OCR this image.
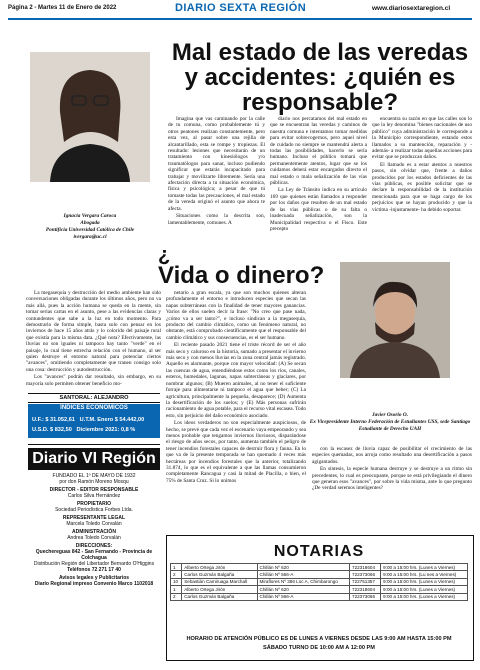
Página 2 - Martes 11 de Enero de 2022	DIARIO SEXTA REGIÓN	www.diariosextaregion.cl
Ignacia Vergara Caroca
Abogada
Pontificia Universidad Católica de Chile
ivergara@uc.cl
Mal estado de las veredas y accidentes: ¿quién es responsable?

Imagina que vas caminando por la calle de tu comuna, como probablemente tú y otros peatones realizan constantemente, pero esta vez, al pasar sobre una rejilla de alcantarillado, esta se rompe y tropiezas. El resultado: lesiones que necesitarán de un tratamiento con kinesiólogos y/o traumatólogos para sanar, incluso pudiendo significar que estarás incapacitado para trabajar y movilizarte libremente. Sería una afectación directa a tu situación económica, física y psicológica; a pesar de que tú tomaste todas las precauciones, el mal estado de la vereda originó el asunto que ahora te afecta.

Situaciones como la descrita son, lamentablemente, comunes. A

diario nos percatamos del mal estado en que se encuentran las veredas y caminos de nuestra comuna e intentamos tomar medidas para evitar sobrecogernos, pero aquel nivel de cuidado no siempre se mantendrá alerta a todas las posibilidades, hacerlo se sería humano. Incluso el público tomará que permanentemente atentos, lugar que se los cuidamos deberá estar encargados directo el mal estado o mala señalización de las vías públicas.

La Ley de Tránsito indica en su artículo 169 que quienes están llamados a responder por los daños que resulten de un mal estado de las vías públicas o de su falta o inadecuada señalización, son la Municipalidad respectiva o el Fisco. Este precepto

encuentra su razón en que las calles son lo que la ley denomina "bienes nacionales de uso público" cuya administración le corresponde a la Municipio correspondiente, estando estos llamados a su mantención, reparación y -además- a realizar todas aquellas acciones para evitar que se produzcan daños.

El llamado es a estar atentos a nuestros pasos, sin olvidar que, frente a daños producidos por los estados deficientes de las vías públicas, es posible solicitar que se declare la responsabilidad de la institución mencionada para que se haga cargo de los perjuicios que se hayan producido y que la víctima -injustamente- ha debido soportar.

¿
Vida o dinero?

La megasequía y destrucción del medio ambiente han sido conversaciones obligadas durante los últimos años, pero no va más allá, pues la acción humana se queda en la mente, sin tomar serias cartas en el asunto, pese a las evidencias claras y contundentes que sabe a la luz en todo momento. Para demostrarlo de forma simple, basta solo con pensar en los inviernos de hace 15 años atrás y lo colorido del paisaje rural que existía para la misma data. ¿Qué nota? Efectivamente, las lluvias no son iguales ni tampoco hay tanto "verde" en el paisaje, lo cual tiene estrecha relación con el humano, al ser quien destruye el entorno natural para potenciar ciertos "avances", omitiendo completamente que tranen consigo solo una cosa: destrucción y autodestrucción.

Los "avances" podrán dar resultado, sin embargo, en su mayoría solo permiten obtener beneficio mo-

netario a gran escala, ya que son muchos quienes alteran profundamente el entorno e introducen especies que secan las napas subterráneas con la finalidad de tener mayores ganancias. Varios de ellos suelen decir la frase: "No creo que pase nada, ¿cómo va a ser tanto?", e incluso sindican a la megasequía, producto del cambio climático, como un fenómeno natural, no obstante, está comprobado científicamente que el responsable del cambio climático y sus consecuencias, es el ser humano.

El reciente pasado 2021 tiene el triste récord de ser el año más seco y caluroso en la historia, sumado a presentar el invierno más seco y con menos lluvias en la zona central jamás registrado. Aquello es alarmante, porque con mayor velocidad: (A) Se secan las cuencas de agua, entendiéndose estos como los ríos, canales, esteros, humedales, lagunas, napas subterráneas y glaciares, por nombrar algunos; (B) Mueren animales, al no tener el suficiente forraje para alimentarse ni tampoco el agua que beber; (C) La agricultura, principalmente la pequeña, desaparece; (D) Aumenta la desertificación de los suelos; y (E) Más personas sufrirán racionamiento de agua potable, para el recurso vital escasea. Todo esto, sin perjuicio del daño económico asociado.

Los ideos verdaderos no son especialmente auspiciosos, de hecho, se prevé que cada vez el escenario vaya empeorando y sea menos probable que tengamos inviernos lluviosos, disparándose el riesgo de años secos, por tanto, aumenta también el peligro de tener incendios forestales capaces de destruir flora y fauna. En lo que va de la presente temporada se han quemado 4 veces más hectáreas por incendios forestales que la anterior, totalizando 31.874, lo que es el equivalente a que las llamas consumieron completamente Rancagua y casi la mitad de Placilla, o bien, el 75% de Santa Cruz. Si lo unimos

Javier Osorio O.
Ex Vicepresidente Interno Federación de Estudiantes USS, sede Santiago
Estudiante de Derecho UAH

con la escasez de lluvia capaz de posibilitar el crecimiento de las especies quemadas, nos arroja como resultado una desertificación a pasos agigantados.

En síntesis, la especie humana destruye y se destruye a un ritmo sin precedentes, lo cual es preocupante, porque se está privilegiando el dinero que generan esos "avances", por sobre la vida misma, ante lo que pregunto ¿De verdad seremos inteligentes?

SANTORAL: ALEJANDRO
ÍNDICES ECONÓMICOS
U.F.: $ 31.052,61 U.T.M. Enero $ 54.442,00
U.S.D. $ 832,50 Diciembre 2021: 0,8 %
Diario VI Región
FUNDADO EL 1º DE MAYO DE 1932
por don Ramón Moreno Mosqu
DIRECTOR - EDITOR RESPONSABLE
Carlos Silva Hernández
PROPIETARIO
Sociedad Periodística Forbes Ltda.
REPRESENTANTE LEGAL
Marcela Toledo Corvalán
ADMINISTRACIÓN
Andrea Toledo Corvalán
DIRECCIONES:
Quechereguas 842 - San Fernando - Provincia de Colchagua
Distribución Región del Libertador Bernardo O'Higgins
Teléfonos 72 271 17 40
Avisos legales y Publicitarios
Diario Regional impreso Convenio Marco 1102018
NOTARIAS
1	Alberto Ortega Jirón	Chillán Nº 620	722318604	9:00 a 15:00 hrs. (Lunes a Viernes)
2	Carlos Guzmán Balgaña	Chillán Nº 566-A	722373066	9:00 a 15:00 hrs. (Lu nes a Viernes)
10	Sebastián Camiruaga Marchall	Miraflores Nº 386 Loc A, Chimbarongo	722751357	9:00 a 15:00 hrs. (Lunes a Viernes)
1	Alberto Ortega Jirón	Chillán Nº 620	722318604	9:00 a 15:00 hrs. (Lunes a Viernes)
2	Carlos Guzmán Balgaña	Chillán Nº 566-A	722373066	9:00 a 15:00 hrs. (Lunes a Viernes)
HORARIO DE ATENCIÓN PÚBLICO ES DE LUNES A VIERNES DESDE LAS 9:00 AM HASTA 15:00 PM
SÁBADO TURNO DE 10:00 AM A 12:00 PM
